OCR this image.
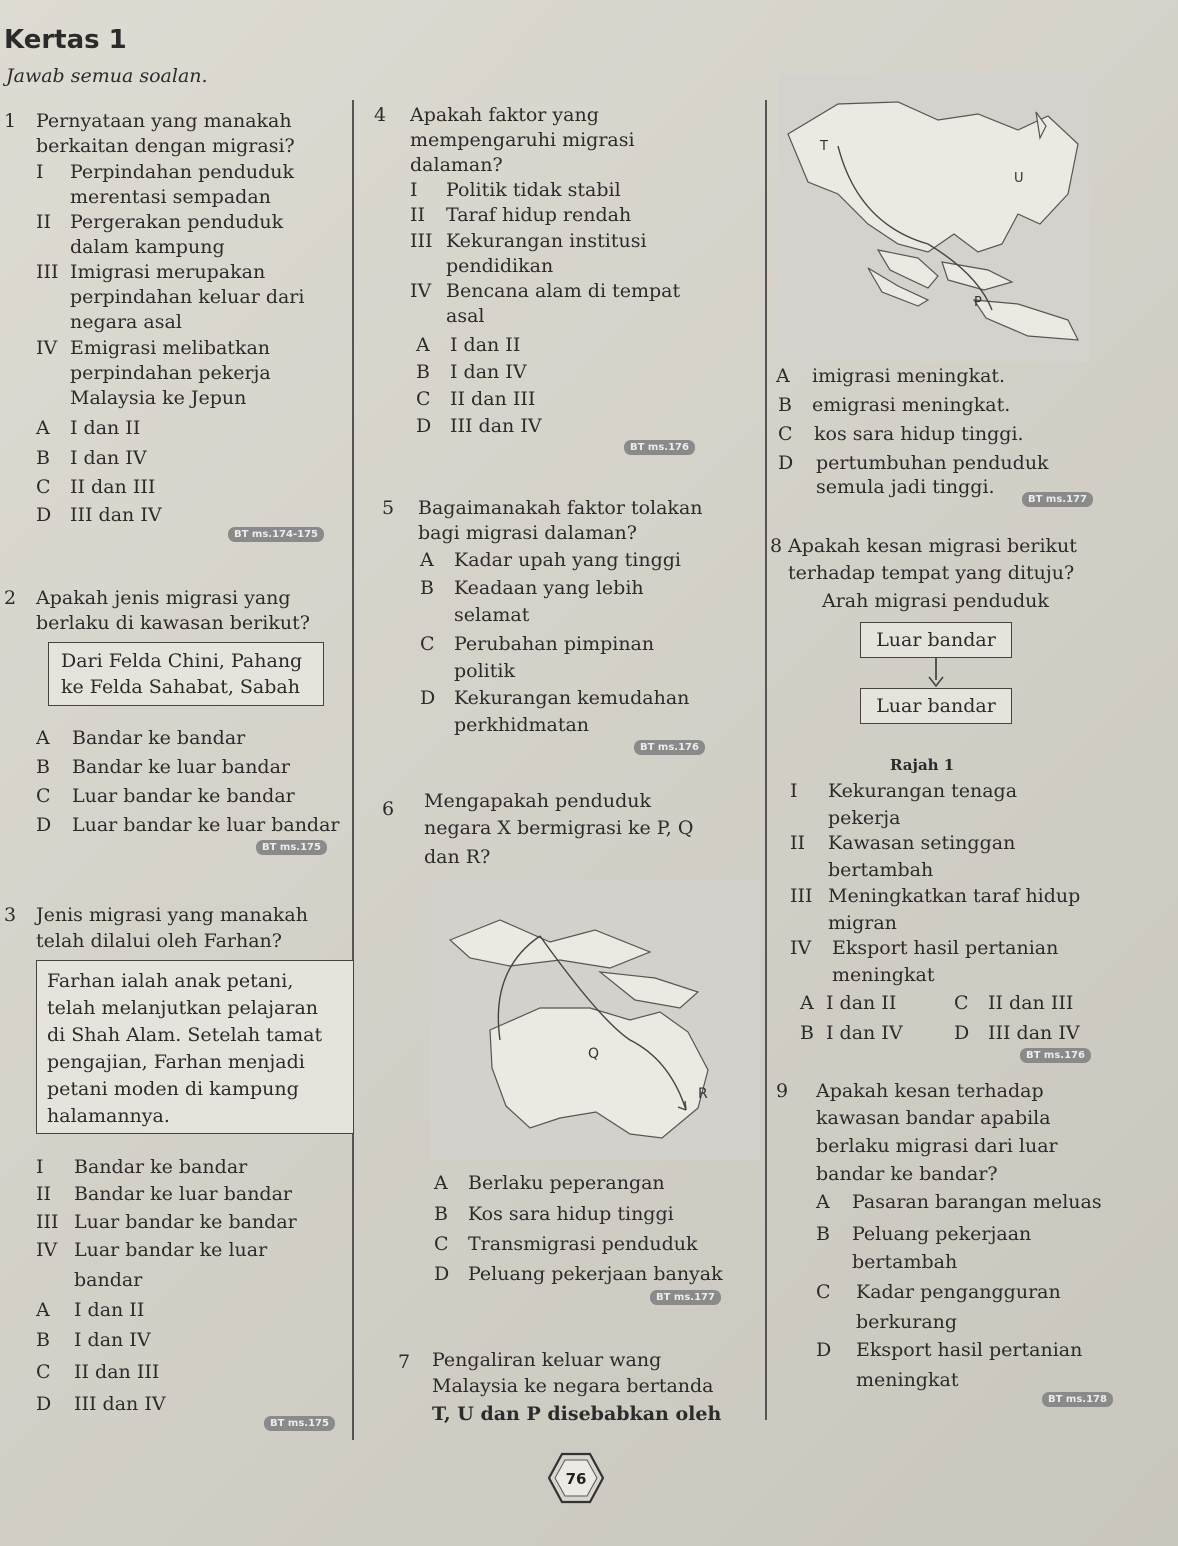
Kertas 1
Jawab semua soalan.
1 Pernyataan yang manakah
berkaitan dengan migrasi?
I Perpindahan penduduk
merentasi sempadan
II Pergerakan penduduk
dalam kampung
III Imigrasi merupakan
perpindahan keluar dari
negara asal
IV Emigrasi melibatkan
perpindahan pekerja
Malaysia ke Jepun
A I dan II
B I dan IV
C II dan III
D III dan IV
BT ms.174-175
2 Apakah jenis migrasi yang
berlaku di kawasan berikut?
Dari Felda Chini, Pahang
ke Felda Sahabat, Sabah
A Bandar ke bandar
B Bandar ke luar bandar
C Luar bandar ke bandar
D Luar bandar ke luar bandar
BT ms.175
3 Jenis migrasi yang manakah
telah dilalui oleh Farhan?
Farhan ialah anak petani,
telah melanjutkan pelajaran
di Shah Alam. Setelah tamat
pengajian, Farhan menjadi
petani moden di kampung
halamannya.
I Bandar ke bandar
II Bandar ke luar bandar
III Luar bandar ke bandar
IV Luar bandar ke luar
bandar
A I dan II
B I dan IV
C II dan III
D III dan IV
BT ms.175
4 Apakah faktor yang
mempengaruhi migrasi
dalaman?
I Politik tidak stabil
II Taraf hidup rendah
III Kekurangan institusi
pendidikan
IV Bencana alam di tempat
asal
A I dan II
B I dan IV
C II dan III
D III dan IV
BT ms.176
5 Bagaimanakah faktor tolakan
bagi migrasi dalaman?
A Kadar upah yang tinggi
B Keadaan yang lebih
selamat
C Perubahan pimpinan
politik
D Kekurangan kemudahan
perkhidmatan
BT ms.176
6 Mengapakah penduduk
negara X bermigrasi ke P, Q
dan R?
Q
R
A Berlaku peperangan
B Kos sara hidup tinggi
C Transmigrasi penduduk
D Peluang pekerjaan banyak
BT ms.177
7 Pengaliran keluar wang
Malaysia ke negara bertanda
T, U dan P disebabkan oleh
T
U
P
A imigrasi meningkat.
B emigrasi meningkat.
C kos sara hidup tinggi.
D pertumbuhan penduduk
semula jadi tinggi.
BT ms.177
8 Apakah kesan migrasi berikut
terhadap tempat yang dituju?
Arah migrasi penduduk
Luar bandar
Luar bandar
Rajah 1
I Kekurangan tenaga
pekerja
II Kawasan setinggan
bertambah
III Meningkatkan taraf hidup
migran
IV Eksport hasil pertanian
meningkat
A I dan II	C II dan III
B I dan IV	D III dan IV
BT ms.176
9 Apakah kesan terhadap
kawasan bandar apabila
berlaku migrasi dari luar
bandar ke bandar?
A Pasaran barangan meluas
B Peluang pekerjaan
bertambah
C Kadar pengangguran
berkurang
D Eksport hasil pertanian
meningkat
BT ms.178
76
